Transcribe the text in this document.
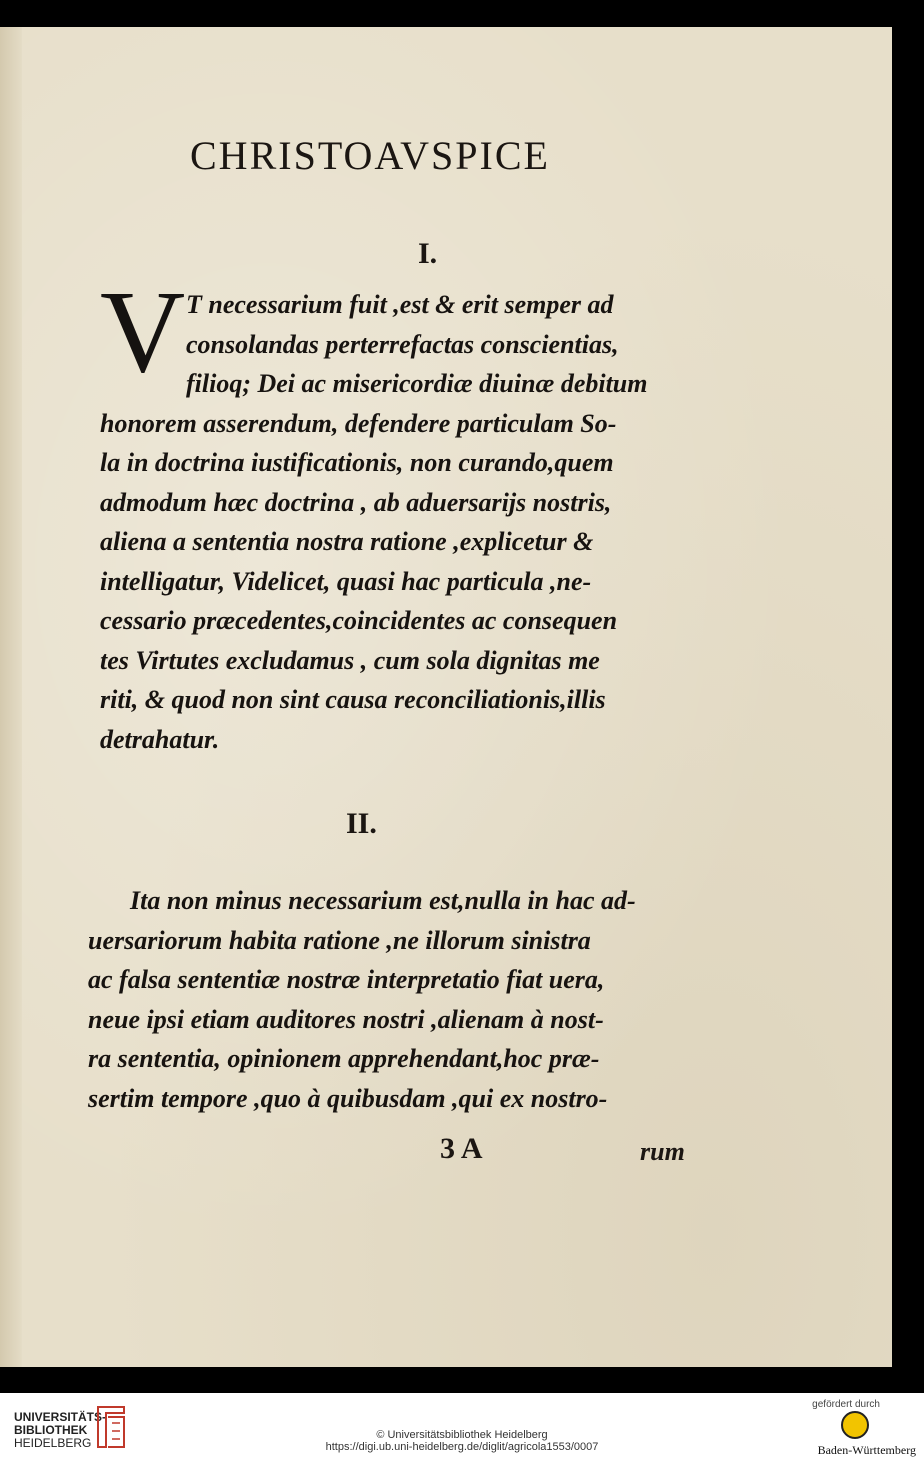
CHRISTOAVSPICE
I.
V T necessarium fuit ,est & erit semper ad
consolandas perterrefactas conscientias,
filioq; Dei ac misericordiæ diuinæ debitum
honorem asserendum, defendere particulam So-
la in doctrina iustificationis, non curando,quem
admodum hæc doctrina , ab aduersarijs nostris,
aliena a sententia nostra ratione ,explicetur &
intelligatur, Videlicet, quasi hac particula ,ne-
cessario præcedentes,coincidentes ac consequen
tes Virtutes excludamus , cum sola dignitas me
riti, & quod non sint causa reconciliationis,illis
detrahatur.
II.
Ita non minus necessarium est,nulla in hac ad-
uersariorum habita ratione ,ne illorum sinistra
ac falsa sententiæ nostræ interpretatio fiat uera,
neue ipsi etiam auditores nostri ,alienam à nost-
ra sententia, opinionem apprehendant,hoc præ-
sertim tempore ,quo à quibusdam ,qui ex nostro-
3 A	rum
UNIVERSITÄTS-
BIBLIOTHEK
HEIDELBERG
© Universitätsbibliothek Heidelberg
https://digi.ub.uni-heidelberg.de/diglit/agricola1553/0007
gefördert durch
Baden-Württemberg
